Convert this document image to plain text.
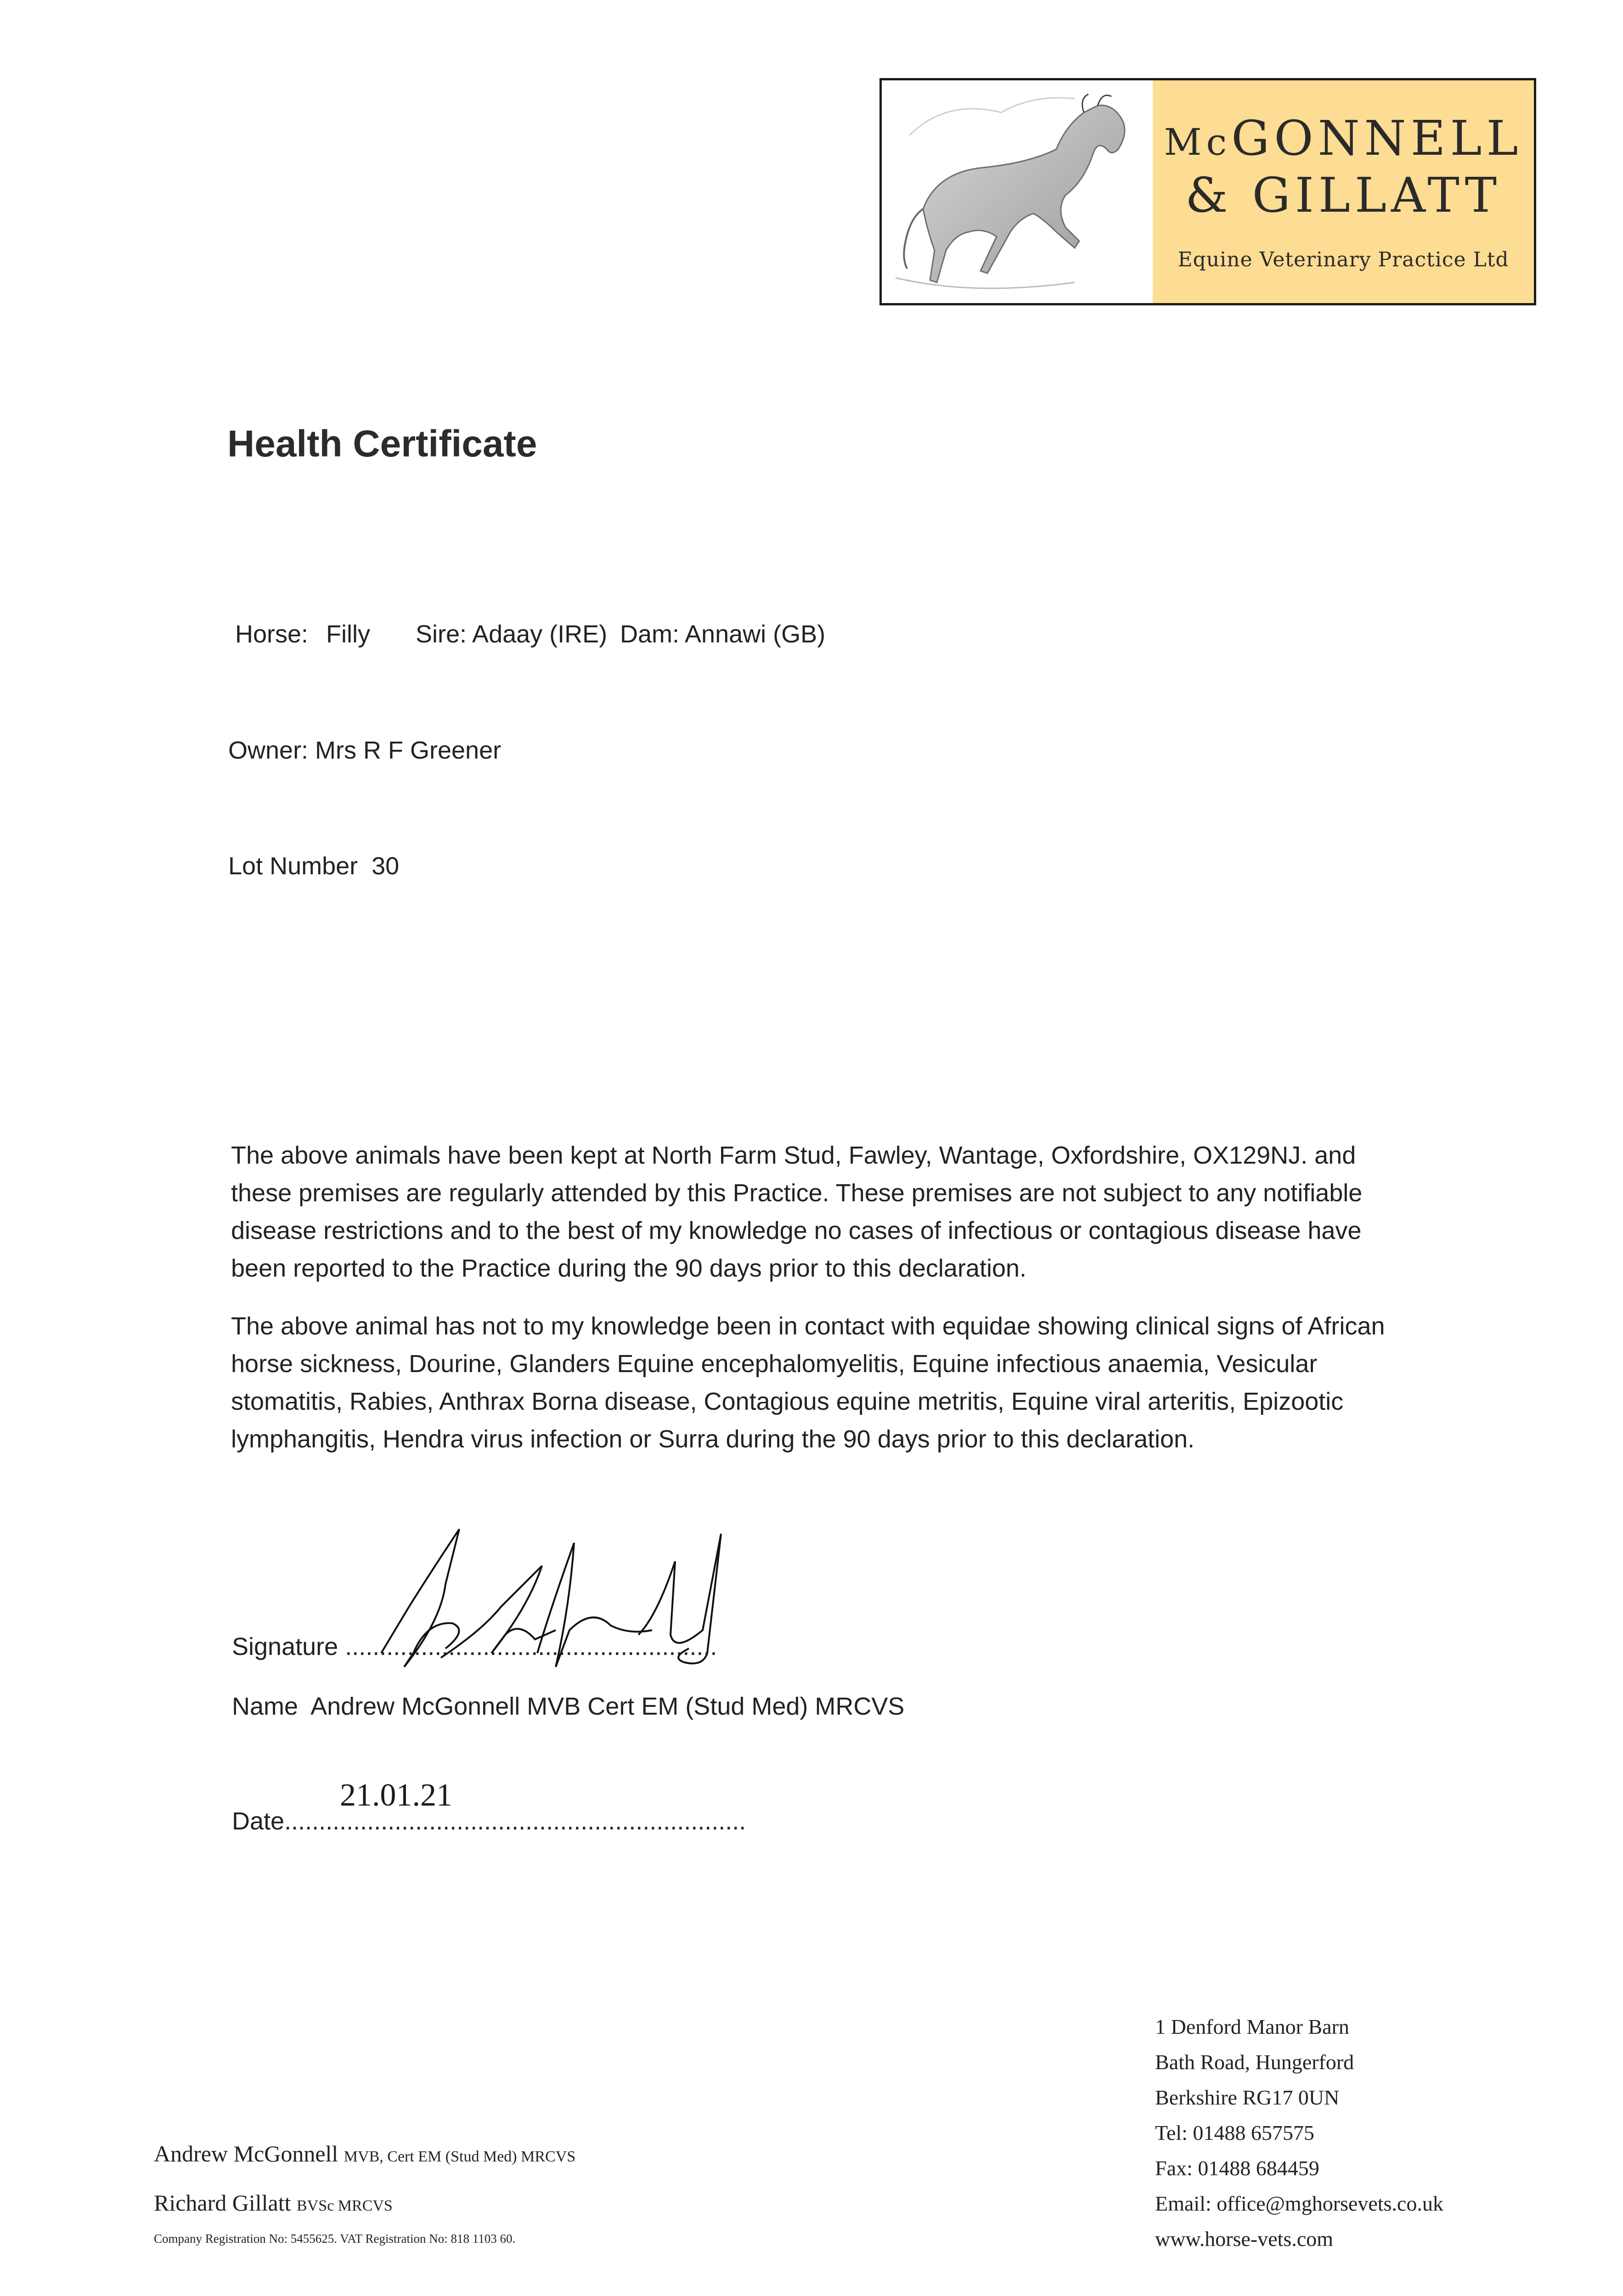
McGONNELL
& GILLATT
Equine Veterinary Practice Ltd
Health Certificate
Horse: Filly Sire: Adaay (IRE) Dam: Annawi (GB)
Owner: Mrs R F Greener
Lot Number  30

The above animals have been kept at North Farm Stud, Fawley, Wantage, Oxfordshire, OX129NJ. and these premises are regularly attended by this Practice. These premises are not subject to any notifiable disease restrictions and to the best of my knowledge no cases of infectious or contagious disease have been reported to the Practice during the 90 days prior to this declaration.

The above animal has not to my knowledge been in contact with equidae showing clinical signs of African horse sickness, Dourine, Glanders Equine encephalomyelitis, Equine infectious anaemia, Vesicular stomatitis, Rabies, Anthrax Borna disease, Contagious equine metritis, Equine viral arteritis, Epizootic lymphangitis, Hendra virus infection or Surra during the 90 days prior to this declaration.

Signature ......................................................
Name  Andrew McGonnell MVB Cert EM (Stud Med) MRCVS
21.01.21
Date...................................................................
1 Denford Manor Barn
Bath Road, Hungerford
Berkshire RG17 0UN
Tel: 01488 657575
Fax: 01488 684459
Email: office@mghorsevets.co.uk
www.horse-vets.com
Andrew McGonnell MVB, Cert EM (Stud Med) MRCVS
Richard Gillatt BVSc MRCVS
Company Registration No: 5455625. VAT Registration No: 818 1103 60.
